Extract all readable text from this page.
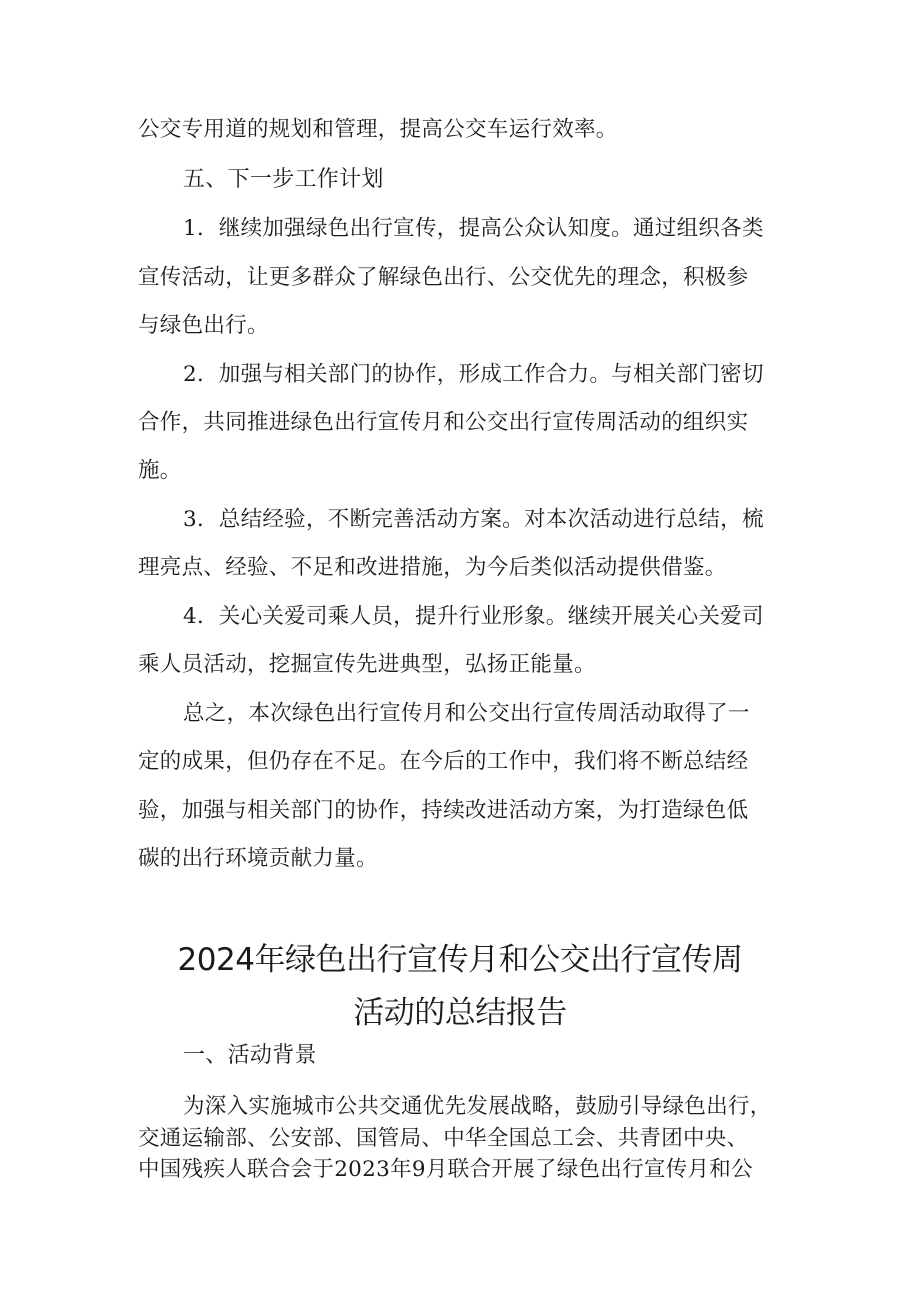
公交专用道的规划和管理，提高公交车运行效率。
五、下一步工作计划
1．继续加强绿色出行宣传，提高公众认知度。通过组织各类
宣传活动，让更多群众了解绿色出行、公交优先的理念，积极参
与绿色出行。
2．加强与相关部门的协作，形成工作合力。与相关部门密切
合作，共同推进绿色出行宣传月和公交出行宣传周活动的组织实
施。
3．总结经验，不断完善活动方案。对本次活动进行总结，梳
理亮点、经验、不足和改进措施，为今后类似活动提供借鉴。
4．关心关爱司乘人员，提升行业形象。继续开展关心关爱司
乘人员活动，挖掘宣传先进典型，弘扬正能量。
总之，本次绿色出行宣传月和公交出行宣传周活动取得了一
定的成果，但仍存在不足。在今后的工作中，我们将不断总结经
验，加强与相关部门的协作，持续改进活动方案，为打造绿色低
碳的出行环境贡献力量。
2024年绿色出行宣传月和公交出行宣传周
活动的总结报告
一、活动背景
为深入实施城市公共交通优先发展战略，鼓励引导绿色出行，
交通运输部、公安部、国管局、中华全国总工会、共青团中央、
中国残疾人联合会于2023年9月联合开展了绿色出行宣传月和公
